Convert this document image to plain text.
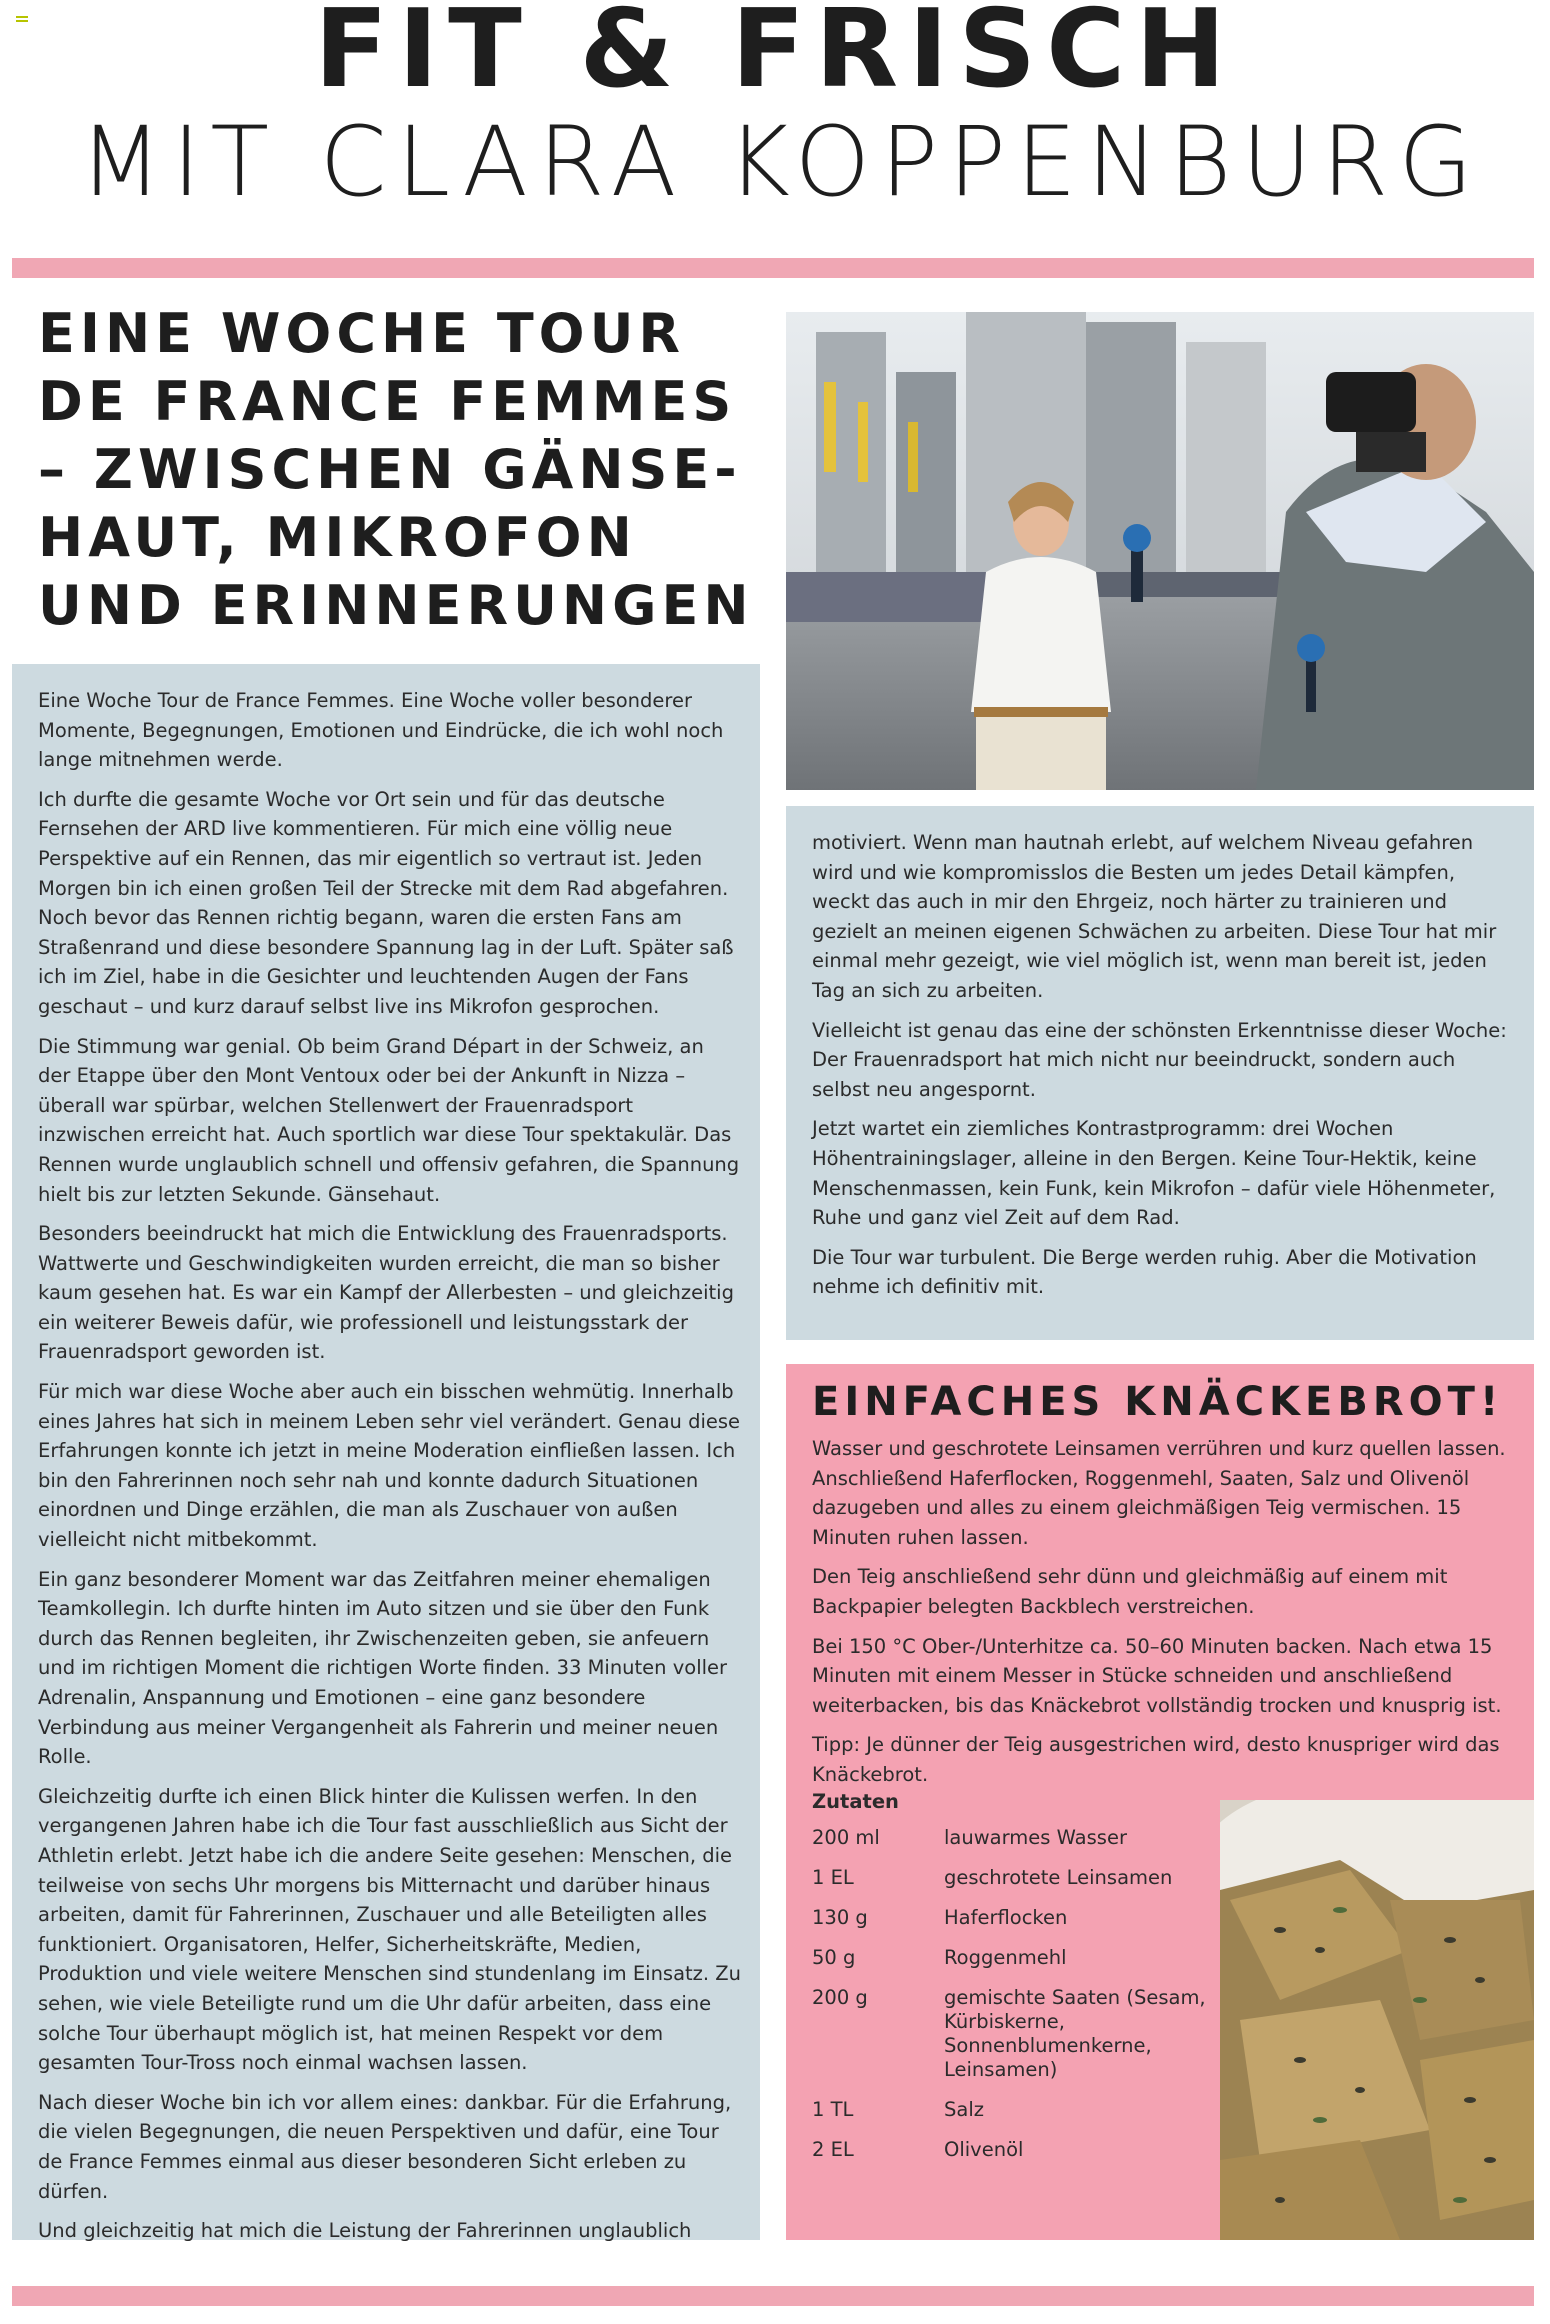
FIT & FRISCH
MIT CLARA KOPPENBURG
EINE WOCHE TOUR
DE FRANCE FEMMES
– ZWISCHEN GÄNSE-
HAUT, MIKROFON
UND ERINNERUNGEN

Eine Woche Tour de France Femmes. Eine Woche voller besonderer Momente, Begegnungen, Emotionen und Eindrücke, die ich wohl noch lange mitnehmen werde.

Ich durfte die gesamte Woche vor Ort sein und für das deutsche Fernsehen der ARD live kommentieren. Für mich eine völlig neue Perspektive auf ein Rennen, das mir eigentlich so vertraut ist. Jeden Morgen bin ich einen großen Teil der Strecke mit dem Rad abgefahren. Noch bevor das Rennen richtig begann, waren die ersten Fans am Straßenrand und diese besondere Spannung lag in der Luft. Später saß ich im Ziel, habe in die Gesichter und leuchtenden Augen der Fans geschaut – und kurz darauf selbst live ins Mikrofon gesprochen.

Die Stimmung war genial. Ob beim Grand Départ in der Schweiz, an der Etappe über den Mont Ventoux oder bei der Ankunft in Nizza – überall war spürbar, welchen Stellenwert der Frauenradsport inzwischen erreicht hat. Auch sportlich war diese Tour spektakulär. Das Rennen wurde unglaublich schnell und offensiv gefahren, die Spannung hielt bis zur letzten Sekunde. Gänsehaut.

Besonders beeindruckt hat mich die Entwicklung des Frauenradsports. Wattwerte und Geschwindigkeiten wurden erreicht, die man so bisher kaum gesehen hat. Es war ein Kampf der Allerbesten – und gleichzeitig ein weiterer Beweis dafür, wie professionell und leistungsstark der Frauenradsport geworden ist.

Für mich war diese Woche aber auch ein bisschen wehmütig. Innerhalb eines Jahres hat sich in meinem Leben sehr viel verändert. Genau diese Erfahrungen konnte ich jetzt in meine Moderation einfließen lassen. Ich bin den Fahrerinnen noch sehr nah und konnte dadurch Situationen einordnen und Dinge erzählen, die man als Zuschauer von außen vielleicht nicht mitbekommt.

Ein ganz besonderer Moment war das Zeitfahren meiner ehemaligen Teamkollegin. Ich durfte hinten im Auto sitzen und sie über den Funk durch das Rennen begleiten, ihr Zwischenzeiten geben, sie anfeuern und im richtigen Moment die richtigen Worte finden. 33 Minuten voller Adrenalin, Anspannung und Emotionen – eine ganz besondere Verbindung aus meiner Vergangenheit als Fahrerin und meiner neuen Rolle.

Gleichzeitig durfte ich einen Blick hinter die Kulissen werfen. In den vergangenen Jahren habe ich die Tour fast ausschließlich aus Sicht der Athletin erlebt. Jetzt habe ich die andere Seite gesehen: Menschen, die teilweise von sechs Uhr morgens bis Mitternacht und darüber hinaus arbeiten, damit für Fahrerinnen, Zuschauer und alle Beteiligten alles funktioniert. Organisatoren, Helfer, Sicherheitskräfte, Medien, Produktion und viele weitere Menschen sind stundenlang im Einsatz. Zu sehen, wie viele Beteiligte rund um die Uhr dafür arbeiten, dass eine solche Tour überhaupt möglich ist, hat meinen Respekt vor dem gesamten Tour-Tross noch einmal wachsen lassen.

Nach dieser Woche bin ich vor allem eines: dankbar. Für die Erfahrung, die vielen Begegnungen, die neuen Perspektiven und dafür, eine Tour de France Femmes einmal aus dieser besonderen Sicht erleben zu dürfen.

Und gleichzeitig hat mich die Leistung der Fahrerinnen unglaublich

motiviert. Wenn man hautnah erlebt, auf welchem Niveau gefahren wird und wie kompromisslos die Besten um jedes Detail kämpfen, weckt das auch in mir den Ehrgeiz, noch härter zu trainieren und gezielt an meinen eigenen Schwächen zu arbeiten. Diese Tour hat mir einmal mehr gezeigt, wie viel möglich ist, wenn man bereit ist, jeden Tag an sich zu arbeiten.

Vielleicht ist genau das eine der schönsten Erkenntnisse dieser Woche: Der Frauenradsport hat mich nicht nur beeindruckt, sondern auch selbst neu angespornt.

Jetzt wartet ein ziemliches Kontrastprogramm: drei Wochen Höhentrainingslager, alleine in den Bergen. Keine Tour-Hektik, keine Menschenmassen, kein Funk, kein Mikrofon – dafür viele Höhenmeter, Ruhe und ganz viel Zeit auf dem Rad.

Die Tour war turbulent. Die Berge werden ruhig. Aber die Motivation nehme ich definitiv mit.

EINFACHES KNÄCKEBROT!

Wasser und geschrotete Leinsamen verrühren und kurz quellen lassen. Anschließend Haferflocken, Roggenmehl, Saaten, Salz und Olivenöl dazugeben und alles zu einem gleichmäßigen Teig vermischen. 15 Minuten ruhen lassen.

Den Teig anschließend sehr dünn und gleichmäßig auf einem mit Backpapier belegten Backblech verstreichen.

Bei 150 °C Ober-/Unterhitze ca. 50–60 Minuten backen. Nach etwa 15 Minuten mit einem Messer in Stücke schneiden und anschließend weiterbacken, bis das Knäckebrot vollständig trocken und knusprig ist.

Tipp: Je dünner der Teig ausgestrichen wird, desto knuspriger wird das Knäckebrot.

Zutaten
200 ml	lauwarmes Wasser
1 EL	geschrotete Leinsamen
130 g	Haferflocken
50 g	Roggenmehl
200 g	gemischte Saaten (Sesam, Kürbiskerne, Sonnenblumenkerne, Leinsamen)
1 TL	Salz
2 EL	Olivenöl
